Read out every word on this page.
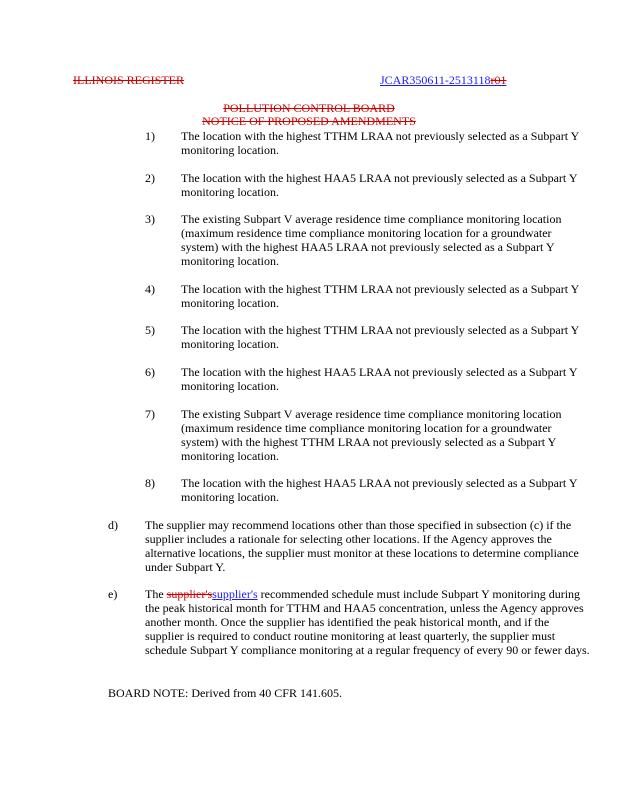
ILLINOIS REGISTER	JCAR350611-2513118r01
POLLUTION CONTROL BOARD
NOTICE OF PROPOSED AMENDMENTS
1)	The location with the highest TTHM LRAA not previously selected as a Subpart Y monitoring location.
2)	The location with the highest HAA5 LRAA not previously selected as a Subpart Y monitoring location.
3)	The existing Subpart V average residence time compliance monitoring location (maximum residence time compliance monitoring location for a groundwater system) with the highest HAA5 LRAA not previously selected as a Subpart Y monitoring location.
4)	The location with the highest TTHM LRAA not previously selected as a Subpart Y monitoring location.
5)	The location with the highest TTHM LRAA not previously selected as a Subpart Y monitoring location.
6)	The location with the highest HAA5 LRAA not previously selected as a Subpart Y monitoring location.
7)	The existing Subpart V average residence time compliance monitoring location (maximum residence time compliance monitoring location for a groundwater system) with the highest TTHM LRAA not previously selected as a Subpart Y monitoring location.
8)	The location with the highest HAA5 LRAA not previously selected as a Subpart Y monitoring location.
d)	The supplier may recommend locations other than those specified in subsection (c) if the supplier includes a rationale for selecting other locations. If the Agency approves the alternative locations, the supplier must monitor at these locations to determine compliance under Subpart Y.
e)	The supplier'ssupplier's recommended schedule must include Subpart Y monitoring during the peak historical month for TTHM and HAA5 concentration, unless the Agency approves another month. Once the supplier has identified the peak historical month, and if the supplier is required to conduct routine monitoring at least quarterly, the supplier must schedule Subpart Y compliance monitoring at a regular frequency of every 90 or fewer days.
BOARD NOTE: Derived from 40 CFR 141.605.
